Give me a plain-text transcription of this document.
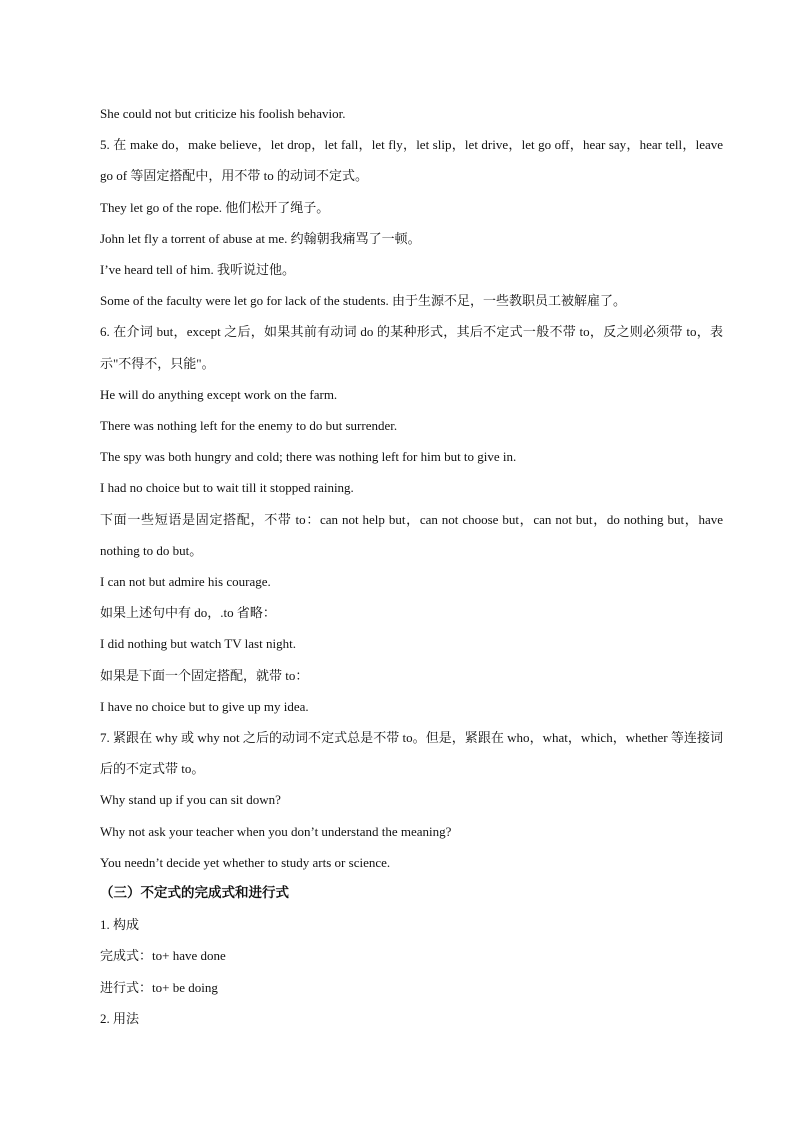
She could not but criticize his foolish behavior.
5. 在 make do，make believe，let drop，let fall，let fly，let slip，let drive，let go off，hear say，hear tell，leave go of 等固定搭配中，用不带 to 的动词不定式。
They let go of the rope. 他们松开了绳子。
John let fly a torrent of abuse at me. 约翰朝我痛骂了一顿。
I’ve heard tell of him. 我听说过他。
Some of the faculty were let go for lack of the students. 由于生源不足，一些教职员工被解雇了。
6. 在介词 but，except 之后，如果其前有动词 do 的某种形式，其后不定式一般不带 to，反之则必须带 to，表示"不得不，只能"。
He will do anything except work on the farm.
There was nothing left for the enemy to do but surrender.
The spy was both hungry and cold; there was nothing left for him but to give in.
I had no choice but to wait till it stopped raining.
下面一些短语是固定搭配，不带 to：can not help but，can not choose but，can not but，do nothing but，have nothing to do but。
I can not but admire his courage.
如果上述句中有 do，.to 省略：
I did nothing but watch TV last night.
如果是下面一个固定搭配，就带 to：
I have no choice but to give up my idea.
7. 紧跟在 why 或 why not 之后的动词不定式总是不带 to。但是，紧跟在 who，what，which，whether 等连接词后的不定式带 to。
Why stand up if you can sit down?
Why not ask your teacher when you don’t understand the meaning?
You needn’t decide yet whether to study arts or science.
（三）不定式的完成式和进行式
1. 构成
完成式：to+ have done
进行式：to+ be doing
2. 用法
